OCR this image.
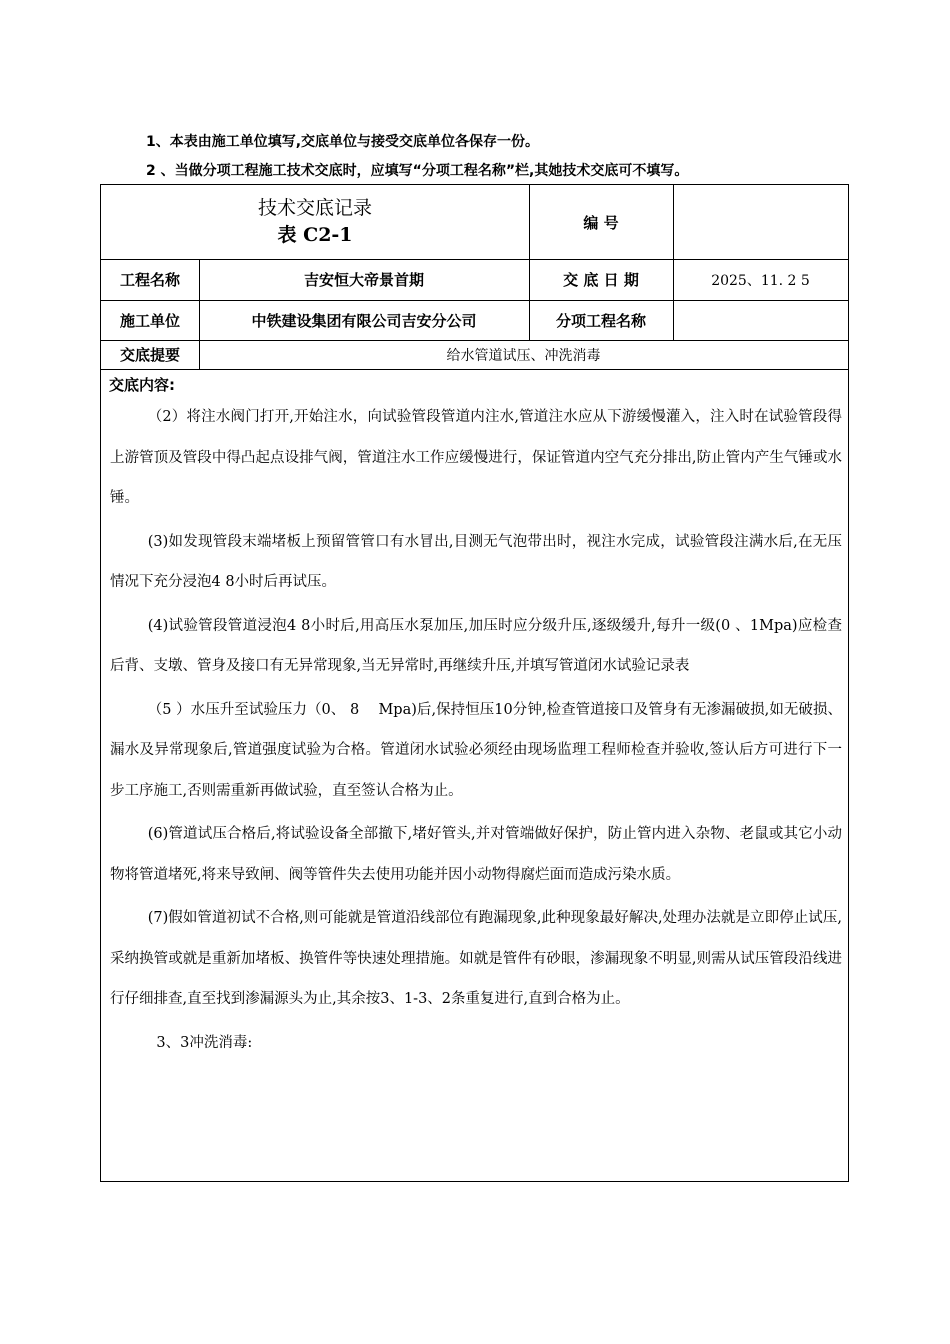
1、本表由施工单位填写,交底单位与接受交底单位各保存一份。
2 、当做分项工程施工技术交底时，应填写“分项工程名称”栏,其她技术交底可不填写。
技术交底记录
表 C2-1
编 号
工程名称	吉安恒大帝景首期	交 底 日 期	2025、11. 2 5
施工单位	中铁建设集团有限公司吉安分公司	分项工程名称
交底提要	给水管道试压、冲洗消毒
交底内容:

（2）将注水阀门打开,开始注水，向试验管段管道内注水,管道注水应从下游缓慢灌入，注入时在试验管段得上游管顶及管段中得凸起点设排气阀，管道注水工作应缓慢进行，保证管道内空气充分排出,防止管内产生气锤或水锤。

(3)如发现管段末端堵板上预留管管口有水冒出,目测无气泡带出时，视注水完成，试验管段注满水后,在无压情况下充分浸泡4 8小时后再试压。

(4)试验管段管道浸泡4 8小时后,用高压水泵加压,加压时应分级升压,逐级缓升,每升一级(0 、1Mpa)应检查后背、支墩、管身及接口有无异常现象,当无异常时,再继续升压,并填写管道闭水试验记录表

（5 ）水压升至试验压力（0、 8　 Mpa)后,保持恒压10分钟,检查管道接口及管身有无渗漏破损,如无破损、漏水及异常现象后,管道强度试验为合格。管道闭水试验必须经由现场监理工程师检查并验收,签认后方可进行下一步工序施工,否则需重新再做试验，直至签认合格为止。

(6)管道试压合格后,将试验设备全部撤下,堵好管头,并对管端做好保护，防止管内进入杂物、老鼠或其它小动物将管道堵死,将来导致闸、阀等管件失去使用功能并因小动物得腐烂面而造成污染水质。

(7)假如管道初试不合格,则可能就是管道沿线部位有跑漏现象,此种现象最好解决,处理办法就是立即停止试压,采纳换管或就是重新加堵板、换管件等快速处理措施。如就是管件有砂眼，渗漏现象不明显,则需从试压管段沿线进行仔细排查,直至找到渗漏源头为止,其余按3、1-3、2条重复进行,直到合格为止。

3、3冲洗消毒:
